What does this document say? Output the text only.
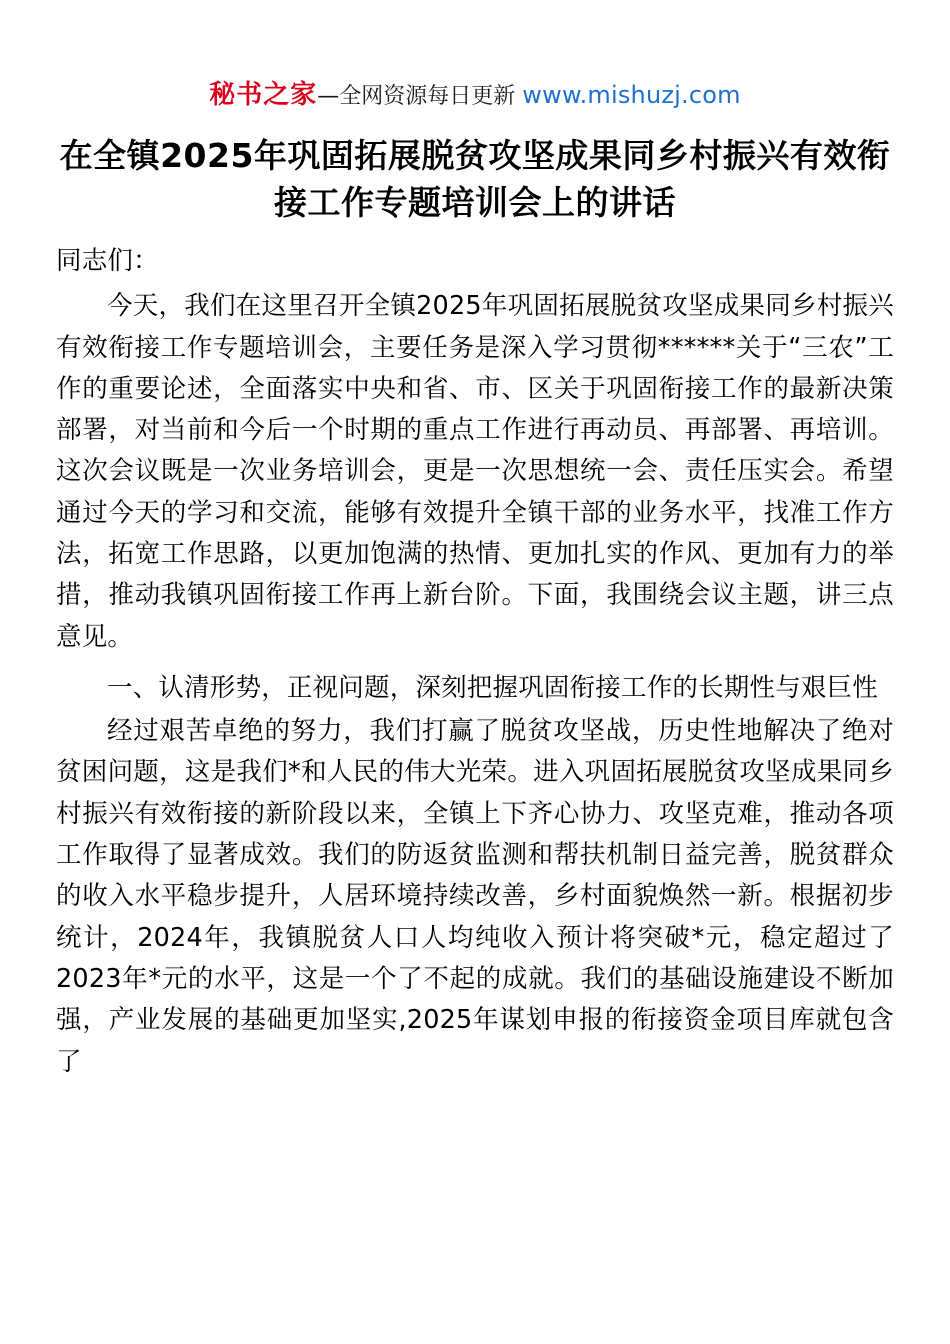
秘书之家—全网资源每日更新 www.mishuzj.com
在全镇2025年巩固拓展脱贫攻坚成果同乡村振兴有效衔接工作专题培训会上的讲话

同志们：

今天，我们在这里召开全镇2025年巩固拓展脱贫攻坚成果同乡村振兴有效衔接工作专题培训会，主要任务是深入学习贯彻******关于“三农”工作的重要论述，全面落实中央和省、市、区关于巩固衔接工作的最新决策部署，对当前和今后一个时期的重点工作进行再动员、再部署、再培训。这次会议既是一次业务培训会，更是一次思想统一会、责任压实会。希望通过今天的学习和交流，能够有效提升全镇干部的业务水平，找准工作方法，拓宽工作思路，以更加饱满的热情、更加扎实的作风、更加有力的举措，推动我镇巩固衔接工作再上新台阶。下面，我围绕会议主题，讲三点意见。

一、认清形势，正视问题，深刻把握巩固衔接工作的长期性与艰巨性

经过艰苦卓绝的努力，我们打赢了脱贫攻坚战，历史性地解决了绝对贫困问题，这是我们*和人民的伟大光荣。进入巩固拓展脱贫攻坚成果同乡村振兴有效衔接的新阶段以来，全镇上下齐心协力、攻坚克难，推动各项工作取得了显著成效。我们的防返贫监测和帮扶机制日益完善，脱贫群众的收入水平稳步提升，人居环境持续改善，乡村面貌焕然一新。根据初步统计，2024年，我镇脱贫人口人均纯收入预计将突破*元，稳定超过了2023年*元的水平，这是一个了不起的成就。我们的基础设施建设不断加强，产业发展的基础更加坚实,2025年谋划申报的衔接资金项目库就包含了
